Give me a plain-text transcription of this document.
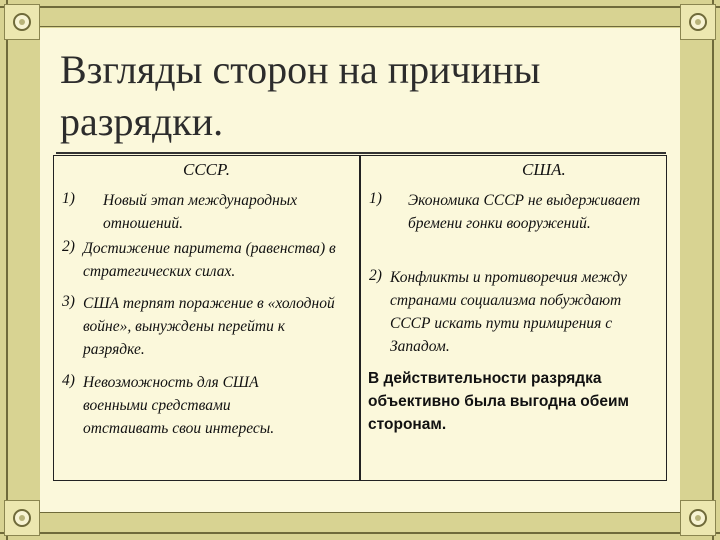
Взгляды сторон на причины разрядки.
СССР.
1) Новый этап международных отношений.
2) Достижение паритета (равенства) в стратегических силах.
3) США терпят поражение в «холодной войне», вынуждены перейти к разрядке.
4) Невозможность для США военными средствами отстаивать свои интересы.
США.
1) Экономика СССР не выдерживает бремени гонки вооружений.
2) Конфликты и противоречия между странами социализма побуждают СССР искать пути примирения с Западом.
В действительности разрядка объективно была выгодна обеим сторонам.
